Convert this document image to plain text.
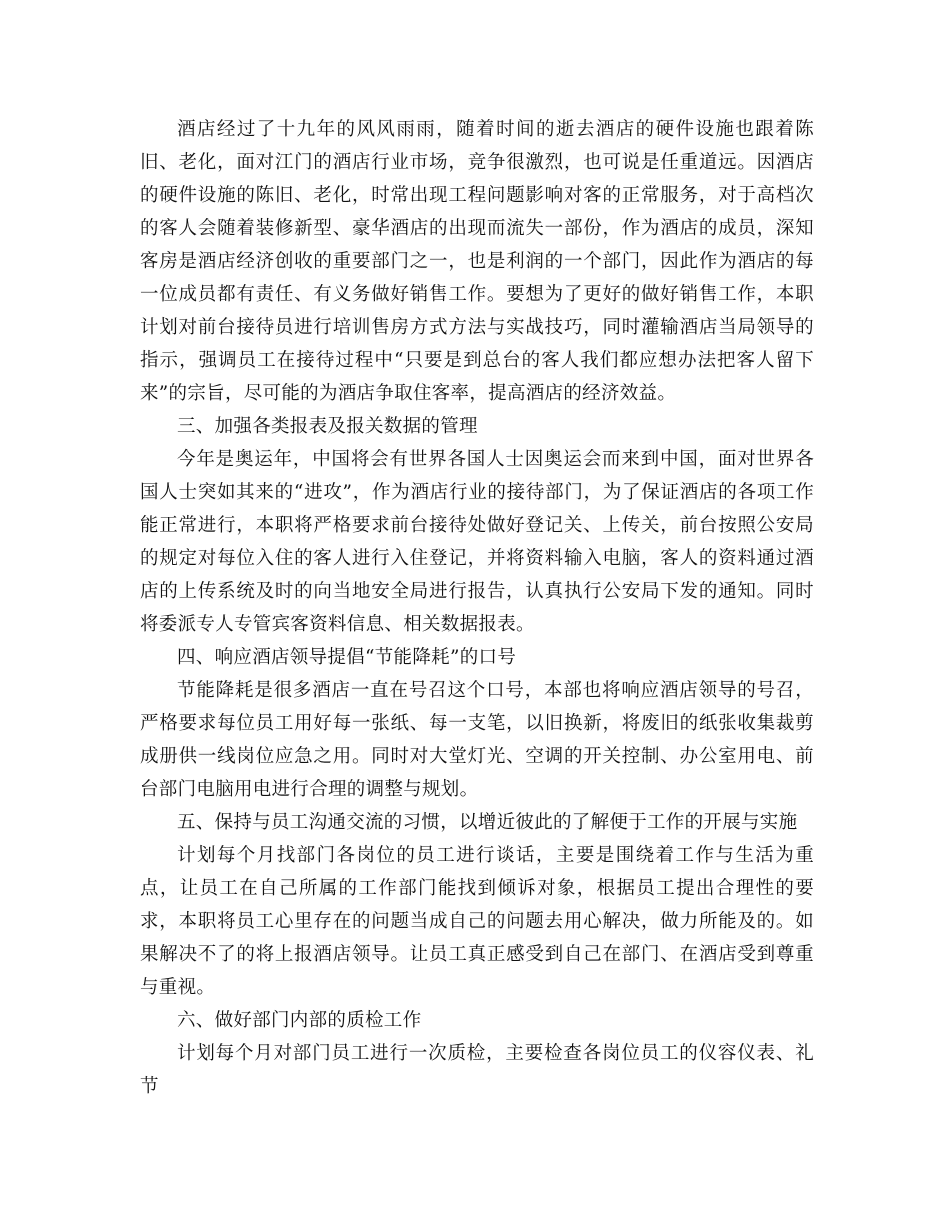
酒店经过了十九年的风风雨雨，随着时间的逝去酒店的硬件设施也跟着陈旧、老化，面对江门的酒店行业市场，竞争很激烈，也可说是任重道远。因酒店的硬件设施的陈旧、老化，时常出现工程问题影响对客的正常服务，对于高档次的客人会随着装修新型、豪华酒店的出现而流失一部份，作为酒店的成员，深知客房是酒店经济创收的重要部门之一，也是利润的一个部门，因此作为酒店的每一位成员都有责任、有义务做好销售工作。要想为了更好的做好销售工作，本职计划对前台接待员进行培训售房方式方法与实战技巧，同时灌输酒店当局领导的指示，强调员工在接待过程中“只要是到总台的客人我们都应想办法把客人留下来”的宗旨，尽可能的为酒店争取住客率，提高酒店的经济效益。

三、加强各类报表及报关数据的管理

今年是奥运年，中国将会有世界各国人士因奥运会而来到中国，面对世界各国人士突如其来的“进攻”，作为酒店行业的接待部门，为了保证酒店的各项工作能正常进行，本职将严格要求前台接待处做好登记关、上传关，前台按照公安局的规定对每位入住的客人进行入住登记，并将资料输入电脑，客人的资料通过酒店的上传系统及时的向当地安全局进行报告，认真执行公安局下发的通知。同时将委派专人专管宾客资料信息、相关数据报表。

四、响应酒店领导提倡“节能降耗”的口号

节能降耗是很多酒店一直在号召这个口号，本部也将响应酒店领导的号召，严格要求每位员工用好每一张纸、每一支笔，以旧换新，将废旧的纸张收集裁剪成册供一线岗位应急之用。同时对大堂灯光、空调的开关控制、办公室用电、前台部门电脑用电进行合理的调整与规划。

五、保持与员工沟通交流的习惯，以增近彼此的了解便于工作的开展与实施

计划每个月找部门各岗位的员工进行谈话，主要是围绕着工作与生活为重点，让员工在自己所属的工作部门能找到倾诉对象，根据员工提出合理性的要求，本职将员工心里存在的问题当成自己的问题去用心解决，做力所能及的。如果解决不了的将上报酒店领导。让员工真正感受到自己在部门、在酒店受到尊重与重视。

六、做好部门内部的质检工作

计划每个月对部门员工进行一次质检，主要检查各岗位员工的仪容仪表、礼节
